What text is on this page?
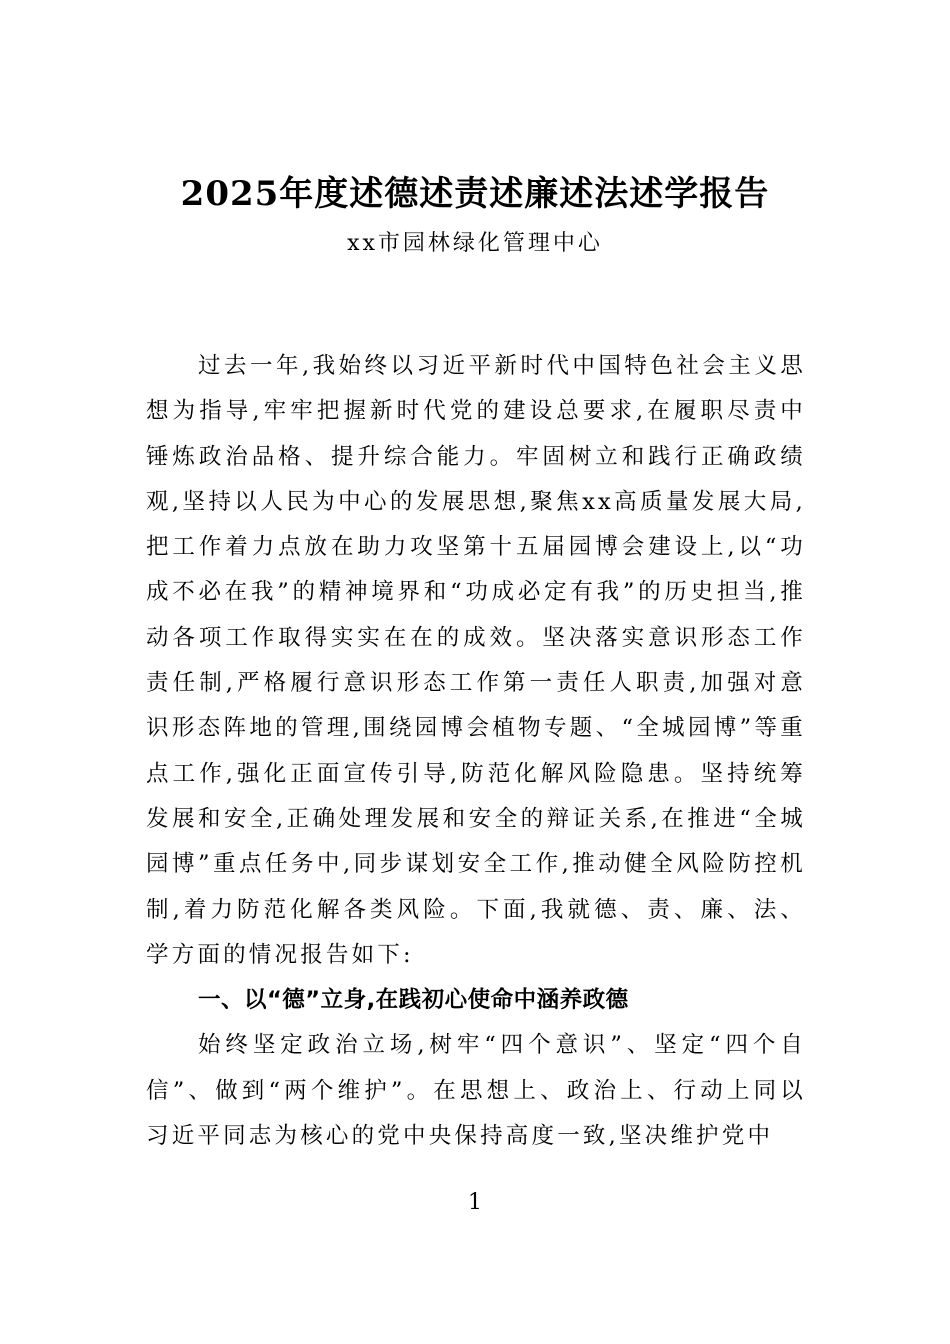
2025年度述德述责述廉述法述学报告
xx市园林绿化管理中心

过去一年,我始终以习近平新时代中国特色社会主义思想为指导,牢牢把握新时代党的建设总要求,在履职尽责中锤炼政治品格、提升综合能力。牢固树立和践行正确政绩观,坚持以人民为中心的发展思想,聚焦xx高质量发展大局,把工作着力点放在助力攻坚第十五届园博会建设上,以“功成不必在我”的精神境界和“功成必定有我”的历史担当,推动各项工作取得实实在在的成效。坚决落实意识形态工作责任制,严格履行意识形态工作第一责任人职责,加强对意识形态阵地的管理,围绕园博会植物专题、“全城园博”等重点工作,强化正面宣传引导,防范化解风险隐患。坚持统筹发展和安全,正确处理发展和安全的辩证关系,在推进“全城园博”重点任务中,同步谋划安全工作,推动健全风险防控机制,着力防范化解各类风险。下面,我就德、责、廉、法、学方面的情况报告如下:

一、以“德”立身,在践初心使命中涵养政德

始终坚定政治立场,树牢“四个意识”、坚定“四个自信”、做到“两个维护”。在思想上、政治上、行动上同以习近平同志为核心的党中央保持高度一致,坚决维护党中

1
